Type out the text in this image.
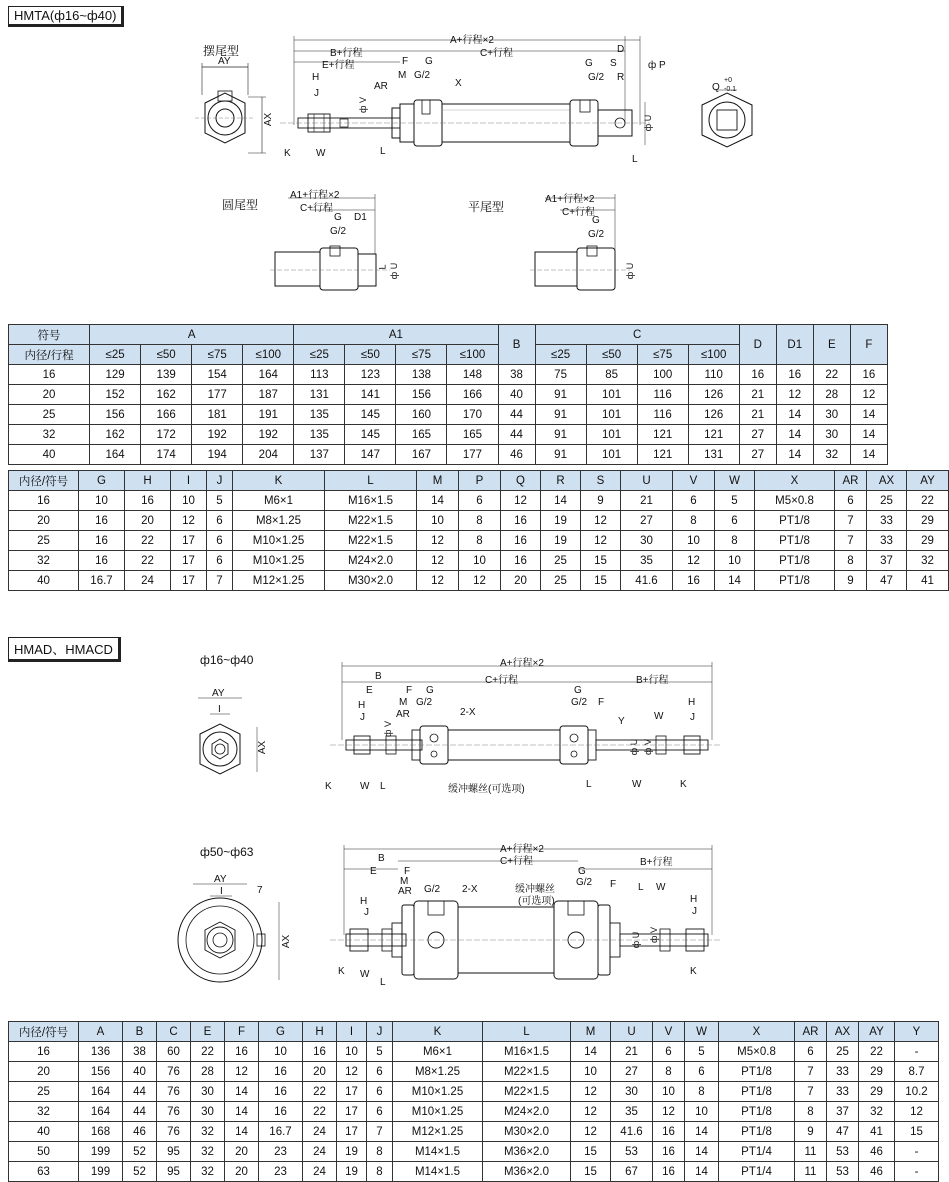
HMTA(ф16~ф40)
摆尾型
AY
AX
A+行程×2
B+行程	C+行程	D
E+行程	F G
H	M G/2
AR	X
J
ф V
K	W	L
G S
G/2 R
ф P
ф U
L
Q
+0
-0.1
圆尾型
A1+行程×2
C+行程
G D1
G/2
L ф U
平尾型
A1+行程×2
C+行程
G
G/2
ф U
符号	A				A1				B	C				D	D1	E	F
内径/行程	≤25	≤50	≤75	≤100	≤25	≤50	≤75	≤100		≤25	≤50	≤75	≤100				
16	129	139	154	164	113	123	138	148	38	75	85	100	110	16	16	22	16
20	152	162	177	187	131	141	156	166	40	91	101	116	126	21	12	28	12
25	156	166	181	191	135	145	160	170	44	91	101	116	126	21	14	30	14
32	162	172	192	192	135	145	165	165	44	91	101	121	121	27	14	30	14
40	164	174	194	204	137	147	167	177	46	91	101	121	131	27	14	32	14
内径/符号	G	H	I	J	K	L	M	P	Q	R	S	U	V	W	X	AR	AX	AY
16	10	16	10	5	M6×1	M16×1.5	14	6	12	14	9	21	6	5	M5×0.8	6	25	22
20	16	20	12	6	M8×1.25	M22×1.5	10	8	16	19	12	27	8	6	PT1/8	7	33	29
25	16	22	17	6	M10×1.25	M22×1.5	12	8	16	19	12	30	10	8	PT1/8	7	33	29
32	16	22	17	6	M10×1.25	M24×2.0	12	10	16	25	15	35	12	10	PT1/8	8	37	32
40	16.7	24	17	7	M12×1.25	M30×2.0	12	12	20	25	15	41.6	16	14	PT1/8	9	47	41
HMAD、HMACD
ф16~ф40
AY
I
AX
A+行程×2
B	C+行程	B+行程
E	F G	G
H	M G/2	G/2 F	H
AR	2-X
J	J
Y	W
ф V
ф U ф V
K	W L	缓冲螺丝(可选项)	L	W	K
ф50~ф63
AY
7
I
AX
A+行程×2
C+行程
B	B+行程
E	F	G
M	G/2 F
缓冲螺丝
(可选项)
AR G/2 2-X	L W
H	H
J	J
ф U ф V
K W
L
K
内径/符号	A	B	C	E	F	G	H	I	J	K	L	M	U	V	W	X	AR	AX	AY	Y
16	136	38	60	22	16	10	16	10	5	M6×1	M16×1.5	14	21	6	5	M5×0.8	6	25	22	-
20	156	40	76	28	12	16	20	12	6	M8×1.25	M22×1.5	10	27	8	6	PT1/8	7	33	29	8.7
25	164	44	76	30	14	16	22	17	6	M10×1.25	M22×1.5	12	30	10	8	PT1/8	7	33	29	10.2
32	164	44	76	30	14	16	22	17	6	M10×1.25	M24×2.0	12	35	12	10	PT1/8	8	37	32	12
40	168	46	76	32	14	16.7	24	17	7	M12×1.25	M30×2.0	12	41.6	16	14	PT1/8	9	47	41	15
50	199	52	95	32	20	23	24	19	8	M14×1.5	M36×2.0	15	53	16	14	PT1/4	11	53	46	-
63	199	52	95	32	20	23	24	19	8	M14×1.5	M36×2.0	15	67	16	14	PT1/4	11	53	46	-
